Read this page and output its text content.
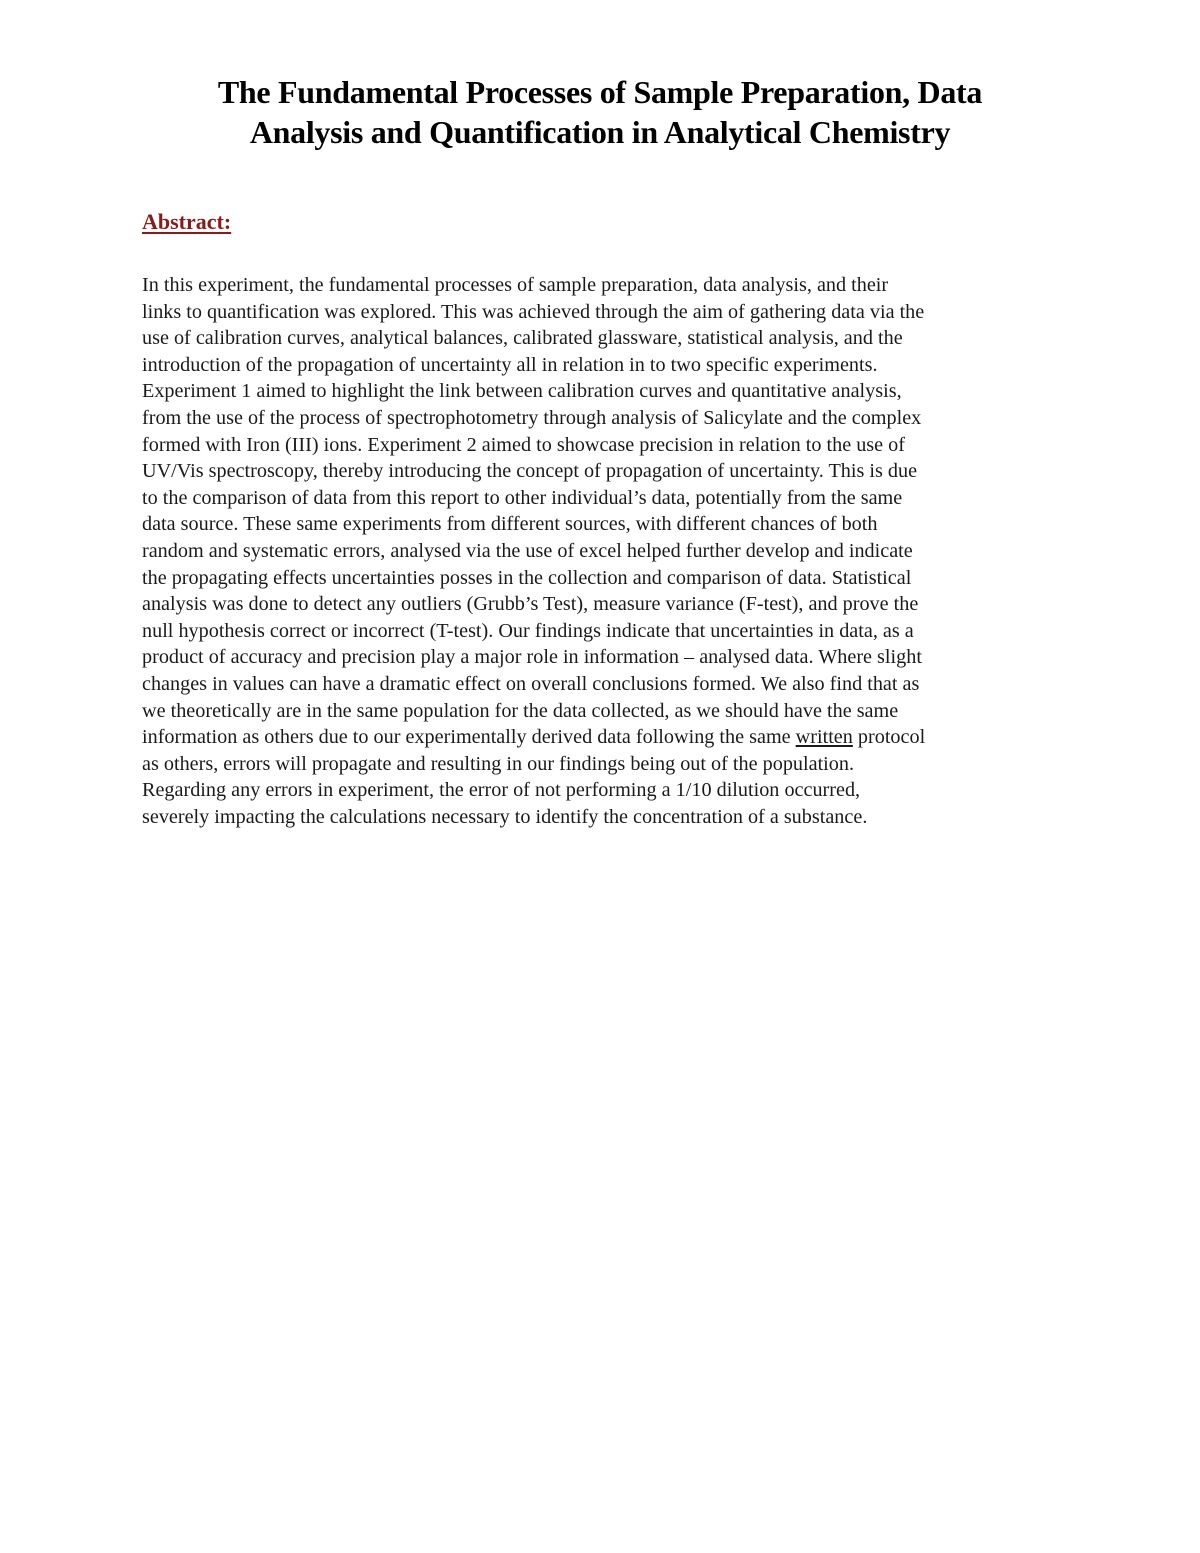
The Fundamental Processes of Sample Preparation, Data
Analysis and Quantification in Analytical Chemistry
Abstract:
In this experiment, the fundamental processes of sample preparation, data analysis, and their
links to quantification was explored. This was achieved through the aim of gathering data via the
use of calibration curves, analytical balances, calibrated glassware, statistical analysis, and the
introduction of the propagation of uncertainty all in relation in to two specific experiments.
Experiment 1 aimed to highlight the link between calibration curves and quantitative analysis,
from the use of the process of spectrophotometry through analysis of Salicylate and the complex
formed with Iron (III) ions. Experiment 2 aimed to showcase precision in relation to the use of
UV/Vis spectroscopy, thereby introducing the concept of propagation of uncertainty. This is due
to the comparison of data from this report to other individual’s data, potentially from the same
data source. These same experiments from different sources, with different chances of both
random and systematic errors, analysed via the use of excel helped further develop and indicate
the propagating effects uncertainties posses in the collection and comparison of data. Statistical
analysis was done to detect any outliers (Grubb’s Test), measure variance (F-test), and prove the
null hypothesis correct or incorrect (T-test). Our findings indicate that uncertainties in data, as a
product of accuracy and precision play a major role in information – analysed data. Where slight
changes in values can have a dramatic effect on overall conclusions formed. We also find that as
we theoretically are in the same population for the data collected, as we should have the same
information as others due to our experimentally derived data following the same written protocol
as others, errors will propagate and resulting in our findings being out of the population.
Regarding any errors in experiment, the error of not performing a 1/10 dilution occurred,
severely impacting the calculations necessary to identify the concentration of a substance.
